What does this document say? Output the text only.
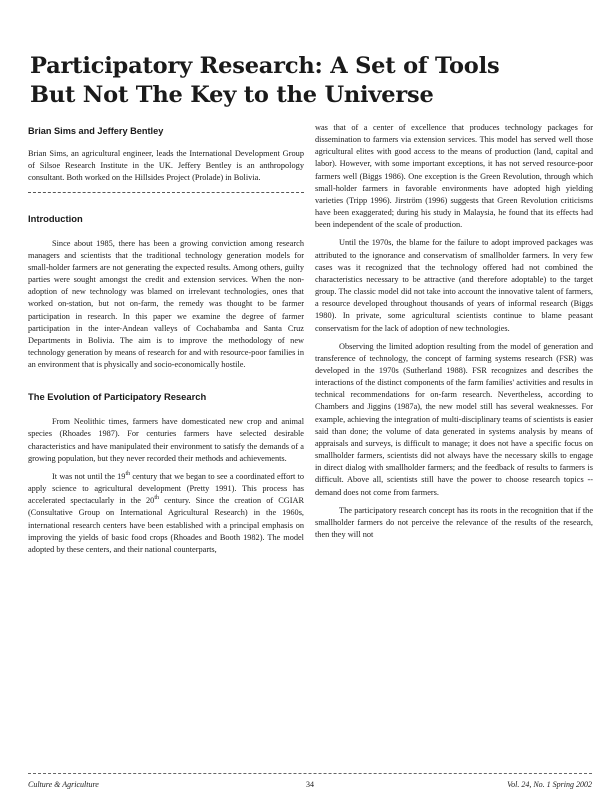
Participatory Research: A Set of Tools
But Not The Key to the Universe
Brian Sims and Jeffery Bentley

Brian Sims, an agricultural engineer, leads the International Development Group of Silsoe Research Institute in the UK. Jeffery Bentley is an anthropology consultant. Both worked on the Hillsides Project (Prolade) in Bolivia.

Introduction

Since about 1985, there has been a growing conviction among research managers and scientists that the traditional technology generation models for small-holder farmers are not generating the expected results. Among others, guilty parties were sought amongst the credit and extension services. When the non-adoption of new technology was blamed on irrelevant technologies, ones that worked on-station, but not on-farm, the remedy was thought to be farmer participation in research. In this paper we examine the degree of farmer participation in the inter-Andean valleys of Cochabamba and Santa Cruz Departments in Bolivia. The aim is to improve the methodology of new technology generation by means of research for and with resource-poor families in an environment that is physically and socio-economically hostile.

The Evolution of Participatory Research

From Neolithic times, farmers have domesticated new crop and animal species (Rhoades 1987). For centuries farmers have selected desirable characteristics and have manipulated their environment to satisfy the demands of a growing population, but they never recorded their methods and achievements.

It was not until the 19th century that we began to see a coordinated effort to apply science to agricultural development (Pretty 1991). This process has accelerated spectacularly in the 20th century. Since the creation of CGIAR (Consultative Group on International Agricultural Research) in the 1960s, international research centers have been established with a principal emphasis on improving the yields of basic food crops (Rhoades and Booth 1982). The model adopted by these centers, and their national counterparts,

was that of a center of excellence that produces technology packages for dissemination to farmers via extension services. This model has served well those agricultural elites with good access to the means of production (land, capital and labor). However, with some important exceptions, it has not served resource-poor farmers well (Biggs 1986). One exception is the Green Revolution, through which small-holder farmers in favorable environments have adopted high yielding varieties (Tripp 1996). Jirström (1996) suggests that Green Revolution criticisms have been exaggerated; during his study in Malaysia, he found that its effects had been independent of the scale of production.

Until the 1970s, the blame for the failure to adopt improved packages was attributed to the ignorance and conservatism of smallholder farmers. In very few cases was it recognized that the technology offered had not combined the characteristics necessary to be attractive (and therefore adoptable) to the target group. The classic model did not take into account the innovative talent of farmers, a resource developed throughout thousands of years of informal research (Biggs 1980). In private, some agricultural scientists continue to blame peasant conservatism for the lack of adoption of new technologies.

Observing the limited adoption resulting from the model of generation and transference of technology, the concept of farming systems research (FSR) was developed in the 1970s (Sutherland 1988). FSR recognizes and describes the interactions of the distinct components of the farm families' activities and results in technical recommendations for on-farm research. Nevertheless, according to Chambers and Jiggins (1987a), the new model still has several weaknesses. For example, achieving the integration of multi-disciplinary teams of scientists is easier said than done; the volume of data generated in systems analysis by means of appraisals and surveys, is difficult to manage; it does not have a specific focus on smallholder farmers, scientists did not always have the necessary skills to engage in direct dialog with smallholder farmers; and the feedback of results to farmers is difficult. Above all, scientists still have the power to choose research topics --demand does not come from farmers.

The participatory research concept has its roots in the recognition that if the smallholder farmers do not perceive the relevance of the results of the research, then they will not

Culture & Agriculture	34	Vol. 24, No. 1 Spring 2002
